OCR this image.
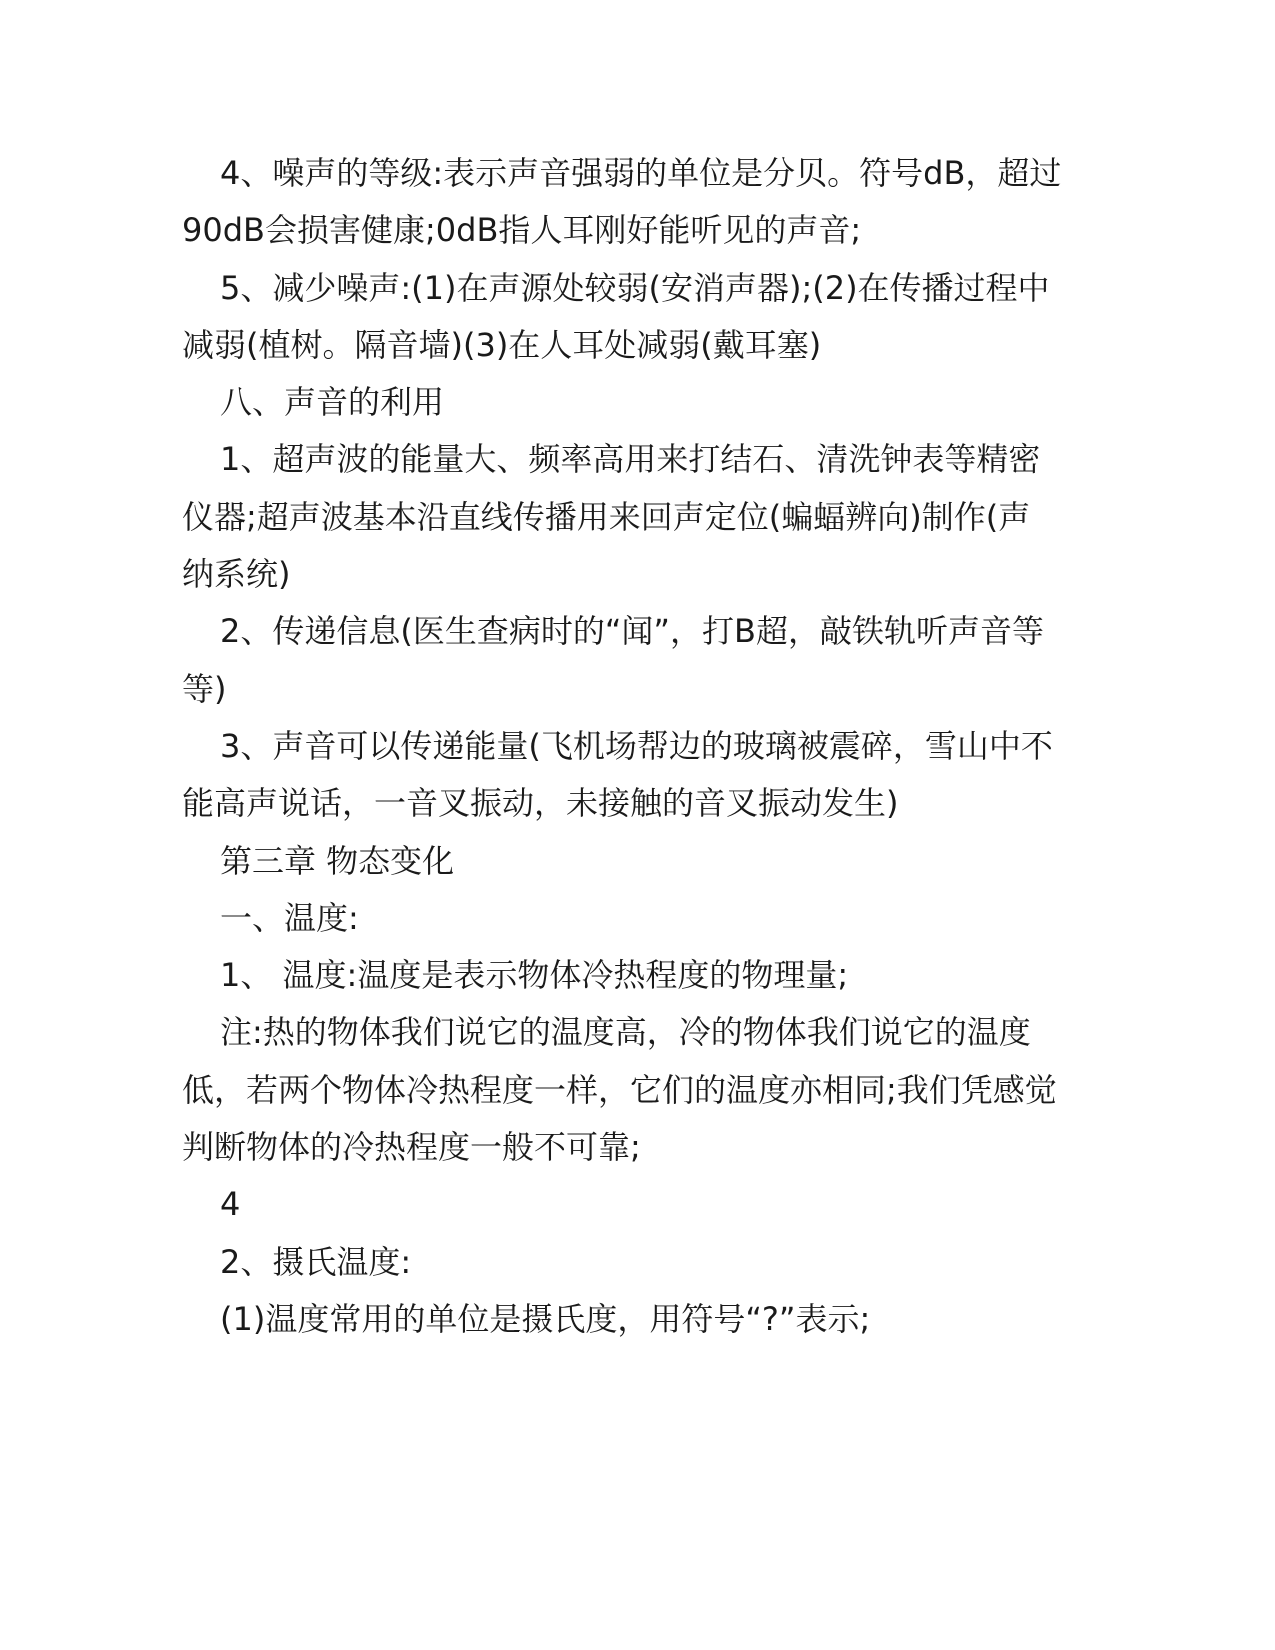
4、噪声的等级:表示声音强弱的单位是分贝。符号dB，超过90dB会损害健康;0dB指人耳刚好能听见的声音;

5、减少噪声:(1)在声源处较弱(安消声器);(2)在传播过程中减弱(植树。隔音墙)(3)在人耳处减弱(戴耳塞)

八、声音的利用

1、超声波的能量大、频率高用来打结石、清洗钟表等精密仪器;超声波基本沿直线传播用来回声定位(蝙蝠辨向)制作(声纳系统)

2、传递信息(医生查病时的“闻”，打B超，敲铁轨听声音等等)

3、声音可以传递能量(飞机场帮边的玻璃被震碎，雪山中不能高声说话，一音叉振动，未接触的音叉振动发生)

第三章 物态变化

一、温度:

1、 温度:温度是表示物体冷热程度的物理量;

注:热的物体我们说它的温度高，冷的物体我们说它的温度低，若两个物体冷热程度一样，它们的温度亦相同;我们凭感觉判断物体的冷热程度一般不可靠;

4

2、摄氏温度:

(1)温度常用的单位是摄氏度，用符号“?”表示;
